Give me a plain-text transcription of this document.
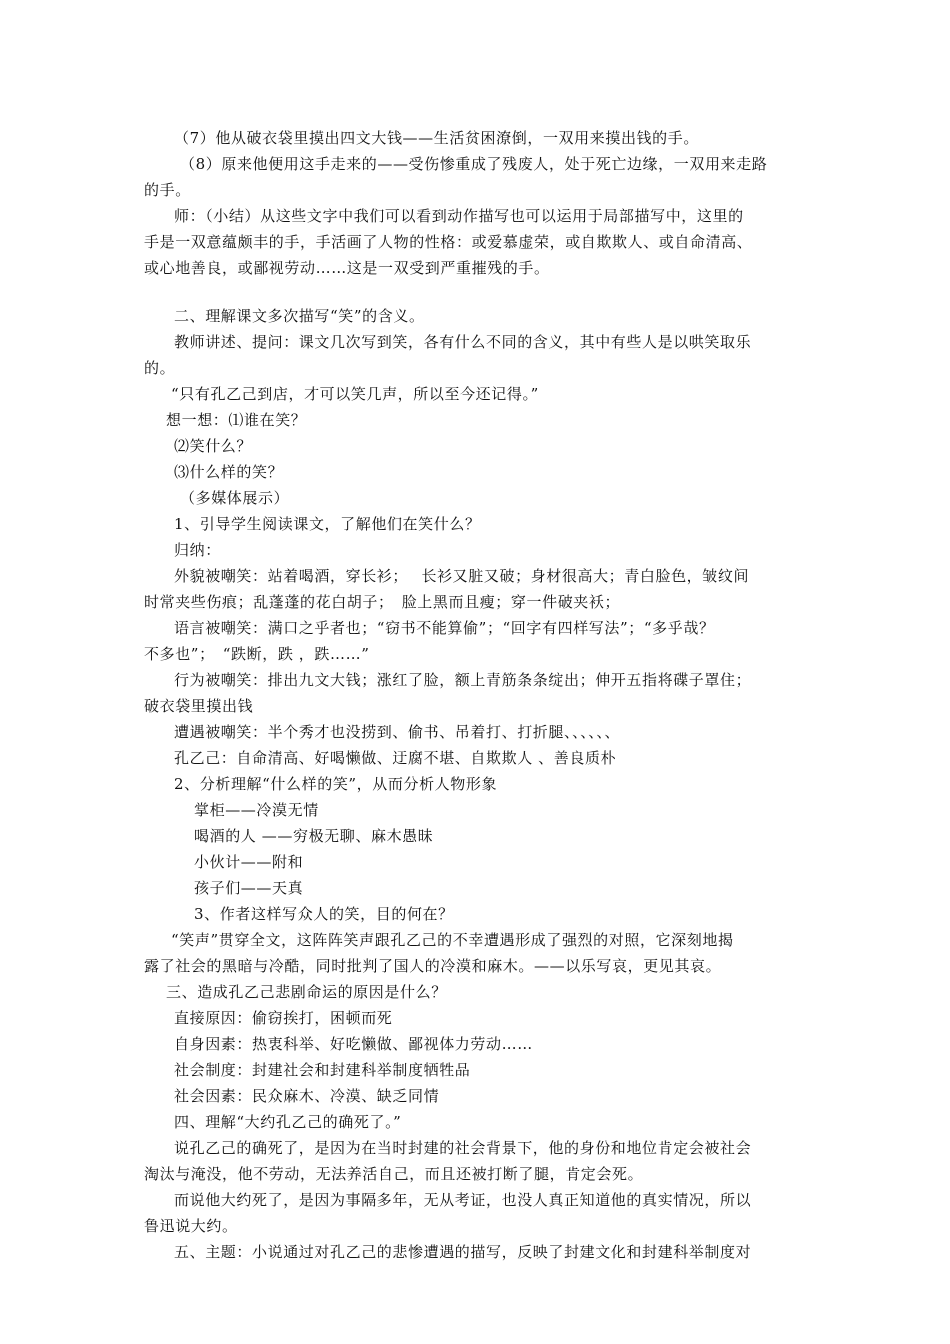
（7）他从破衣袋里摸出四文大钱——生活贫困潦倒，一双用来摸出钱的手。
（8）原来他便用这手走来的——受伤惨重成了残废人，处于死亡边缘，一双用来走路
的手。
师：（小结）从这些文字中我们可以看到动作描写也可以运用于局部描写中，这里的
手是一双意蕴颇丰的手，手活画了人物的性格：或爱慕虚荣，或自欺欺人、或自命清高、
或心地善良，或鄙视劳动……这是一双受到严重摧残的手。
二、理解课文多次描写“笑”的含义。
教师讲述、提问：课文几次写到笑，各有什么不同的含义，其中有些人是以哄笑取乐
的。
“只有孔乙己到店，才可以笑几声，所以至今还记得。”
想一想：⑴谁在笑？
⑵笑什么？
⑶什么样的笑？
（多媒体展示）
1、引导学生阅读课文，了解他们在笑什么？
归纳：
外貌被嘲笑：站着喝酒，穿长衫；　 长衫又脏又破；身材很高大；青白脸色，皱纹间
时常夹些伤痕；乱蓬蓬的花白胡子；　脸上黑而且瘦；穿一件破夹袄；
语言被嘲笑：满口之乎者也；“窃书不能算偷”；“回字有四样写法”；“多乎哉？
不多也”；　“跌断，跌 ，跌……”
行为被嘲笑：排出九文大钱；涨红了脸，额上青筋条条绽出；伸开五指将碟子罩住；
破衣袋里摸出钱
遭遇被嘲笑：半个秀才也没捞到、偷书、吊着打、打折腿、、、、、、
孔乙己：自命清高、好喝懒做、迂腐不堪、自欺欺人 、善良质朴
2、分析理解“什么样的笑”，从而分析人物形象
掌柜——冷漠无情
喝酒的人 ——穷极无聊、麻木愚昧
小伙计——附和
孩子们——天真
3、作者这样写众人的笑，目的何在？
“笑声”贯穿全文，这阵阵笑声跟孔乙己的不幸遭遇形成了强烈的对照，它深刻地揭
露了社会的黑暗与冷酷，同时批判了国人的冷漠和麻木。——以乐写哀，更见其哀。
三、造成孔乙己悲剧命运的原因是什么？
直接原因：偷窃挨打，困顿而死
自身因素：热衷科举、好吃懒做、鄙视体力劳动……
社会制度：封建社会和封建科举制度牺牲品
社会因素：民众麻木、冷漠、缺乏同情
四、理解“大约孔乙己的确死了。”
说孔乙己的确死了，是因为在当时封建的社会背景下，他的身份和地位肯定会被社会
淘汰与淹没，他不劳动，无法养活自己，而且还被打断了腿，肯定会死。
而说他大约死了，是因为事隔多年，无从考证，也没人真正知道他的真实情况，所以
鲁迅说大约。
五、主题：小说通过对孔乙己的悲惨遭遇的描写，反映了封建文化和封建科举制度对
